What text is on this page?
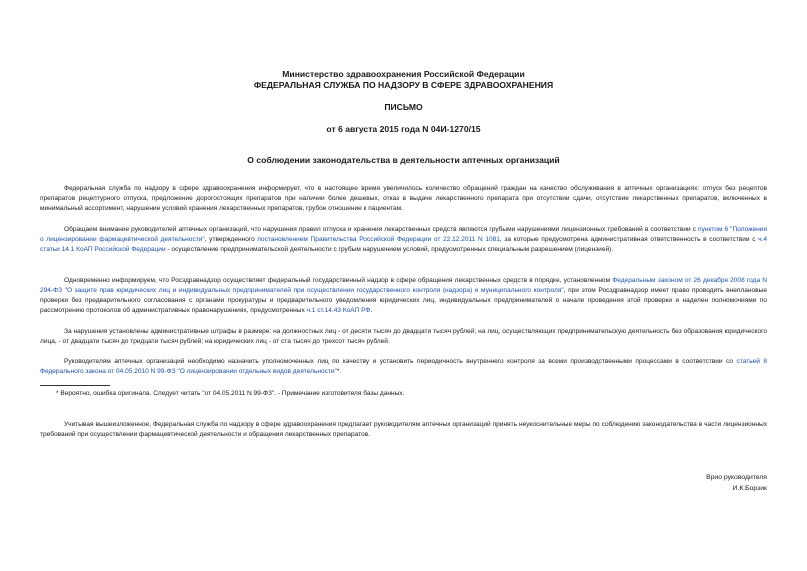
Министерство здравоохранения Российской Федерации
ФЕДЕРАЛЬНАЯ СЛУЖБА ПО НАДЗОРУ В СФЕРЕ ЗДРАВООХРАНЕНИЯ
ПИСЬМО
от 6 августа 2015 года N 04И-1270/15
О соблюдении законодательства в деятельности аптечных организаций
Федеральная служба по надзору в сфере здравоохранения информирует, что в настоящее время увеличилось количество обращений граждан на качество обслуживания в аптечных организациях: отпуск без рецептов препаратов рецептурного отпуска, предложение дорогостоящих препаратов при наличии более дешевых, отказ в выдаче лекарственного препарата при отсутствии сдачи, отсутствие лекарственных препаратов, включенных в минимальный ассортимент, нарушение условий хранения лекарственных препаратов, грубое отношение к пациентам.
Обращаем внимание руководителей аптечных организаций, что нарушения правил отпуска и хранения лекарственных средств являются грубыми нарушениями лицензионных требований в соответствии с пунктом 6 "Положения о лицензировании фармацевтической деятельности", утвержденного постановлением Правительства Российской Федерации от 22.12.2011 N 1081, за которые предусмотрена административная ответственность в соответствии с ч.4 статьи 14.1 КоАП Российской Федерации - осуществление предпринимательской деятельности с грубым нарушением условий, предусмотренных специальным разрешением (лицензией).
Одновременно информируем, что Росздравнадзор осуществляет федеральный государственный надзор в сфере обращения лекарственных средств в порядке, установленном Федеральным законом от 26 декабря 2008 года N 294-ФЗ "О защите прав юридических лиц и индивидуальных предпринимателей при осуществлении государственного контроля (надзора) и муниципального контроля", при этом Росздравнадзор имеет право проводить внеплановые проверки без предварительного согласования с органами прокуратуры и предварительного уведомления юридических лиц, индивидуальных предпринимателей о начале проведения этой проверки и наделен полномочиями по рассмотрению протоколов об административных правонарушениях, предусмотренных ч.1 ст.14.43 КоАП РФ.
За нарушения установлены административные штрафы в размере: на должностных лиц - от десяти тысяч до двадцати тысяч рублей; на лиц, осуществляющих предпринимательскую деятельность без образования юридического лица, - от двадцати тысяч до тридцати тысяч рублей; на юридических лиц - от ста тысяч до трехсот тысяч рублей.
Руководителям аптечных организаций необходимо назначить уполномоченных лиц по качеству и установить периодичность внутреннего контроля за всеми производственными процессами в соответствии со статьей 8 Федерального закона от 04.05.2010 N 99-ФЗ "О лицензировании отдельных видов деятельности"*.
* Вероятно, ошибка оригинала. Следует читать "от 04.05.2011 N 99-ФЗ". - Примечание изготовителя базы данных.
Учитывая вышеизложенное, Федеральная служба по надзору в сфере здравоохранения предлагает руководителям аптечных организаций принять неукоснительные меры по соблюдению законодательства в части лицензионных требований при осуществлении фармацевтической деятельности и обращения лекарственных препаратов.
Врио руководителя
И.К.Борзик
